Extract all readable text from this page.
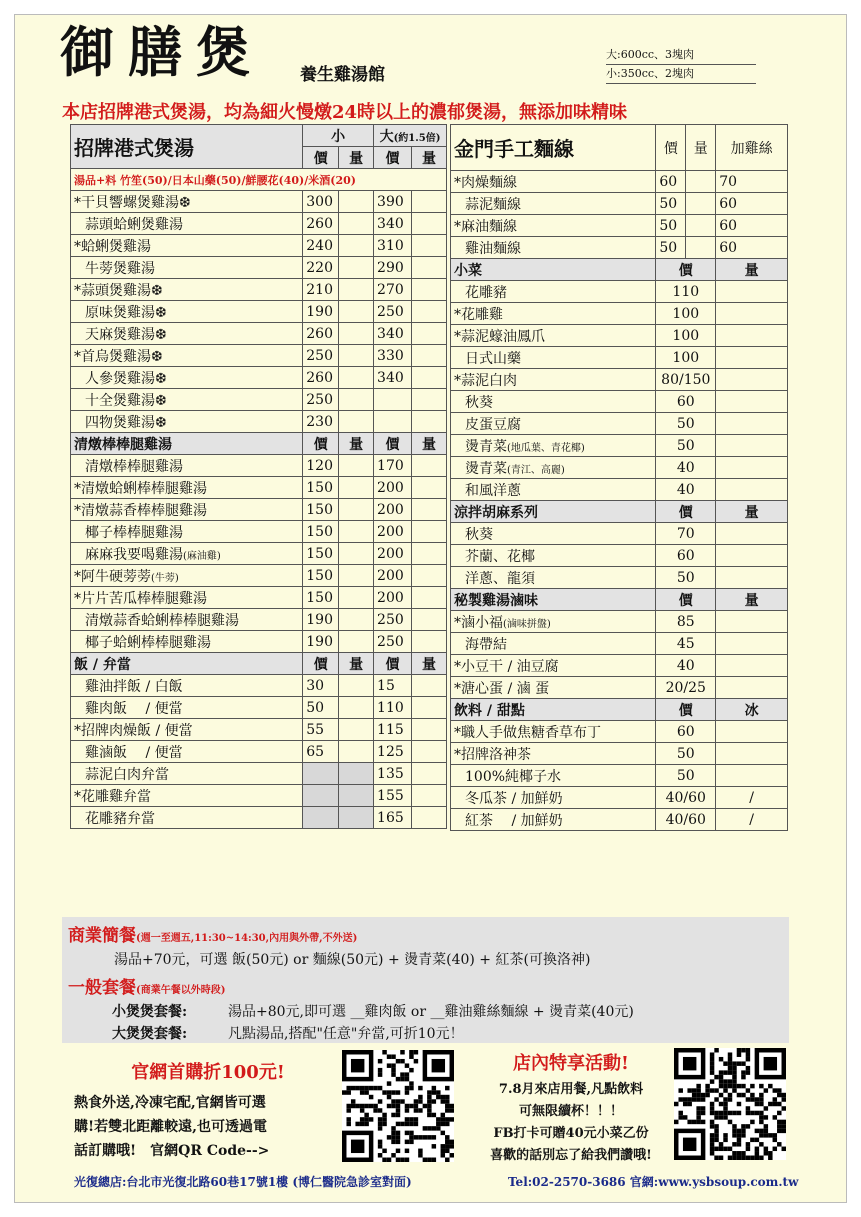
御膳煲 養生雞湯館
大:600cc、3塊肉
小:350cc、2塊肉
本店招牌港式煲湯，均為細火慢燉24時以上的濃郁煲湯，無添加味精味
招牌港式煲湯	小		大(約1.5倍)	
	價	量	價	量
湯品+料 竹笙(50)/日本山藥(50)/鮮腰花(40)/米酒(20)				
*干貝響螺煲雞湯❆	300		390	
蒜頭蛤蜊煲雞湯	260		340	
*蛤蜊煲雞湯	240		310	
牛蒡煲雞湯	220		290	
*蒜頭煲雞湯❆	210		270	
原味煲雞湯❆	190		250	
天麻煲雞湯❆	260		340	
*首烏煲雞湯❆	250		330	
人參煲雞湯❆	260		340	
十全煲雞湯❆	250			
四物煲雞湯❆	230			
清燉棒棒腿雞湯	價	量	價	量
清燉棒棒腿雞湯	120		170	
*清燉蛤蜊棒棒腿雞湯	150		200	
*清燉蒜香棒棒腿雞湯	150		200	
椰子棒棒腿雞湯	150		200	
麻麻我要喝雞湯(麻油雞)	150		200	
*阿牛硬蒡蒡(牛蒡)	150		200	
*片片苦瓜棒棒腿雞湯	150		200	
清燉蒜香蛤蜊棒棒腿雞湯	190		250	
椰子蛤蜊棒棒腿雞湯	190		250	
飯 / 弁當	價	量	價	量
雞油拌飯 / 白飯	30		15	
雞肉飯　 / 便當	50		110	
*招牌肉燥飯 / 便當	55		115	
雞滷飯　 / 便當	65		125	
蒜泥白肉弁當			135	
*花雕雞弁當			155	
花雕豬弁當			165	
金門手工麵線	價	量	加雞絲
*肉燥麵線	60		70
蒜泥麵線	50		60
*麻油麵線	50		60
雞油麵線	50		60
小菜	價		量
花雕豬	110		
*花雕雞	100		
*蒜泥蠔油鳳爪	100		
日式山藥	100		
*蒜泥白肉	80/150		
秋葵	60		
皮蛋豆腐	50		
燙青菜(地瓜葉、青花椰)	50		
燙青菜(青江、高麗)	40		
和風洋蔥	40		
涼拌胡麻系列	價		量
秋葵	70		
芥蘭、花椰	60		
洋蔥、龍須	50		
秘製雞湯滷味	價		量
*滷小福(滷味拼盤)	85		
海帶結	45		
*小豆干 / 油豆腐	40		
*溏心蛋 / 滷 蛋	20/25		
飲料 / 甜點	價		冰
*職人手做焦糖香草布丁	60		
*招牌洛神茶	50		
100%純椰子水	50		
冬瓜茶 / 加鮮奶	40/60		/
紅茶　 / 加鮮奶	40/60		/
商業簡餐(週一至週五,11:30~14:30,內用與外帶,不外送)
湯品+70元，可選 飯(50元) or 麵線(50元) + 燙青菜(40) + 紅茶(可換洛神)
一般套餐(商業午餐以外時段)
小煲煲套餐:	湯品+80元,即可選 __雞肉飯 or __雞油雞絲麵線 + 燙青菜(40元)
大煲煲套餐:	凡點湯品,搭配"任意"弁當,可折10元！
官網首購折100元!
熱食外送,冷凍宅配,官網皆可選
購!若雙北距離較遠,也可透過電
話訂購哦!　官網QR Code-->
店內特享活動!
7.8月來店用餐,凡點飲料
可無限續杯！！！
FB打卡可贈40元小菜乙份
喜歡的話別忘了給我們讚哦!
光復總店:台北市光復北路60巷17號1樓 (博仁醫院急診室對面)	Tel:02-2570-3686 官網:www.ysbsoup.com.tw
